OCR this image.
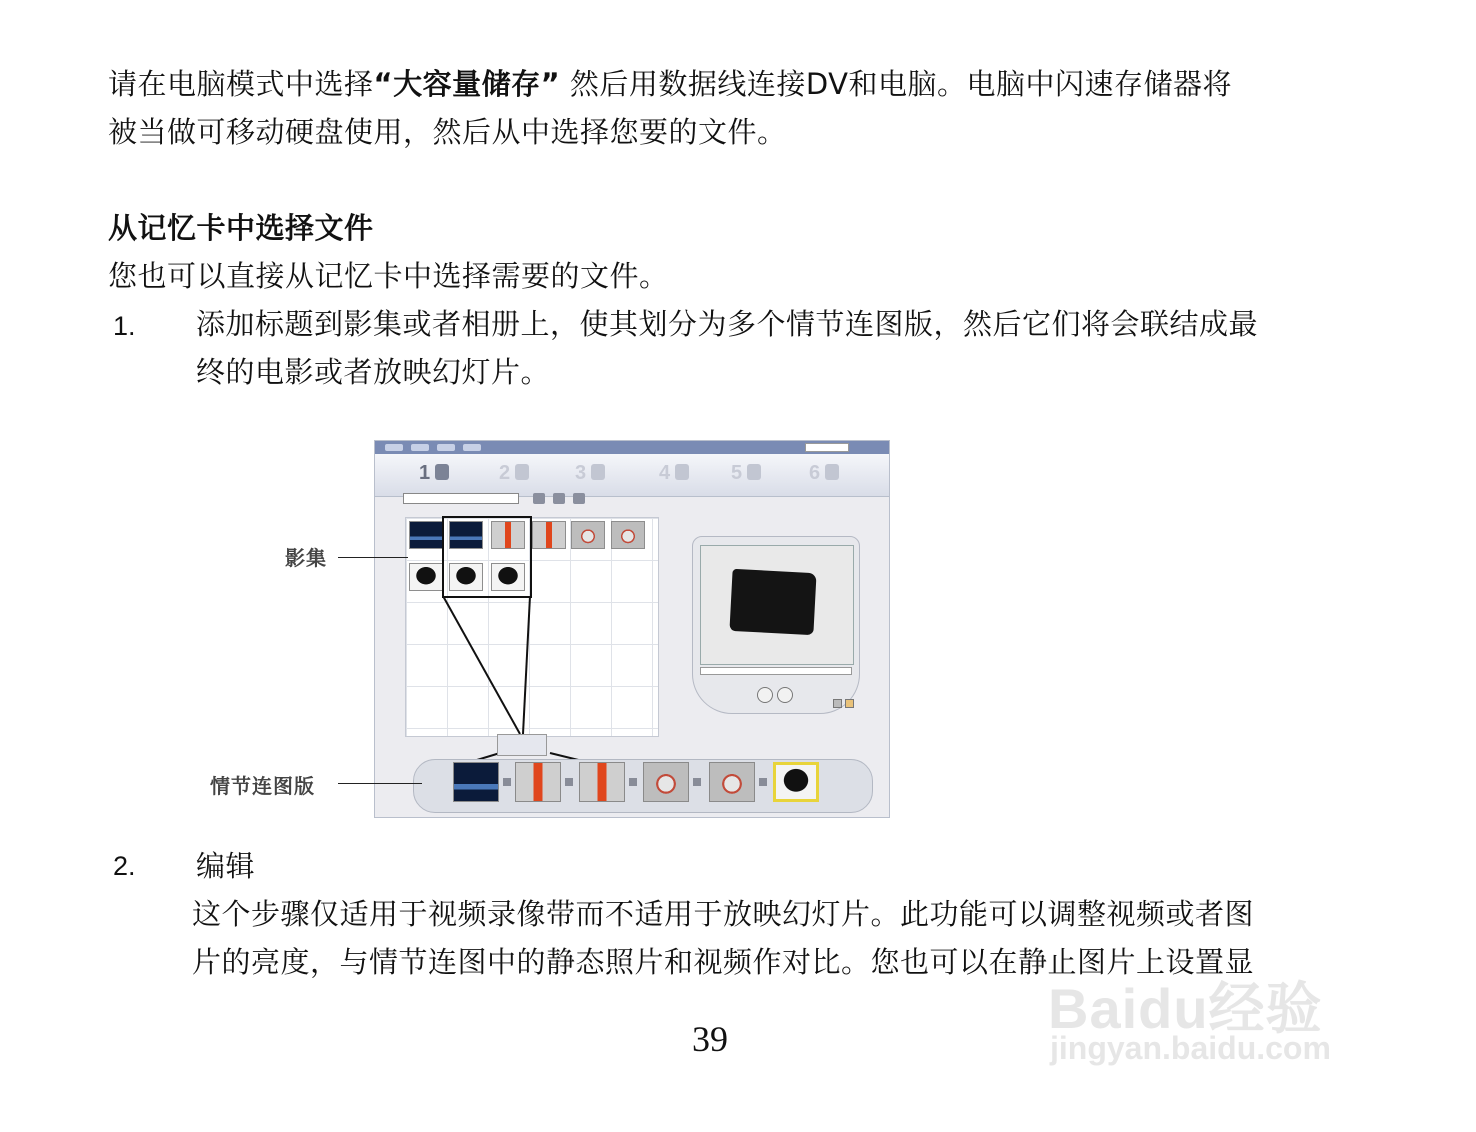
请在电脑模式中选择“大容量储存” 然后用数据线连接DV和电脑。电脑中闪速存储器将
被当做可移动硬盘使用，然后从中选择您要的文件。
从记忆卡中选择文件
您也可以直接从记忆卡中选择需要的文件。
1. 添加标题到影集或者相册上，使其划分为多个情节连图版，然后它们将会联结成最
终的电影或者放映幻灯片。
1	2	3	4	5	6
影集
情节连图版
2. 编辑
这个步骤仅适用于视频录像带而不适用于放映幻灯片。此功能可以调整视频或者图
片的亮度，与情节连图中的静态照片和视频作对比。您也可以在静止图片上设置显
39	Baidu经验
jingyan.baidu.com
